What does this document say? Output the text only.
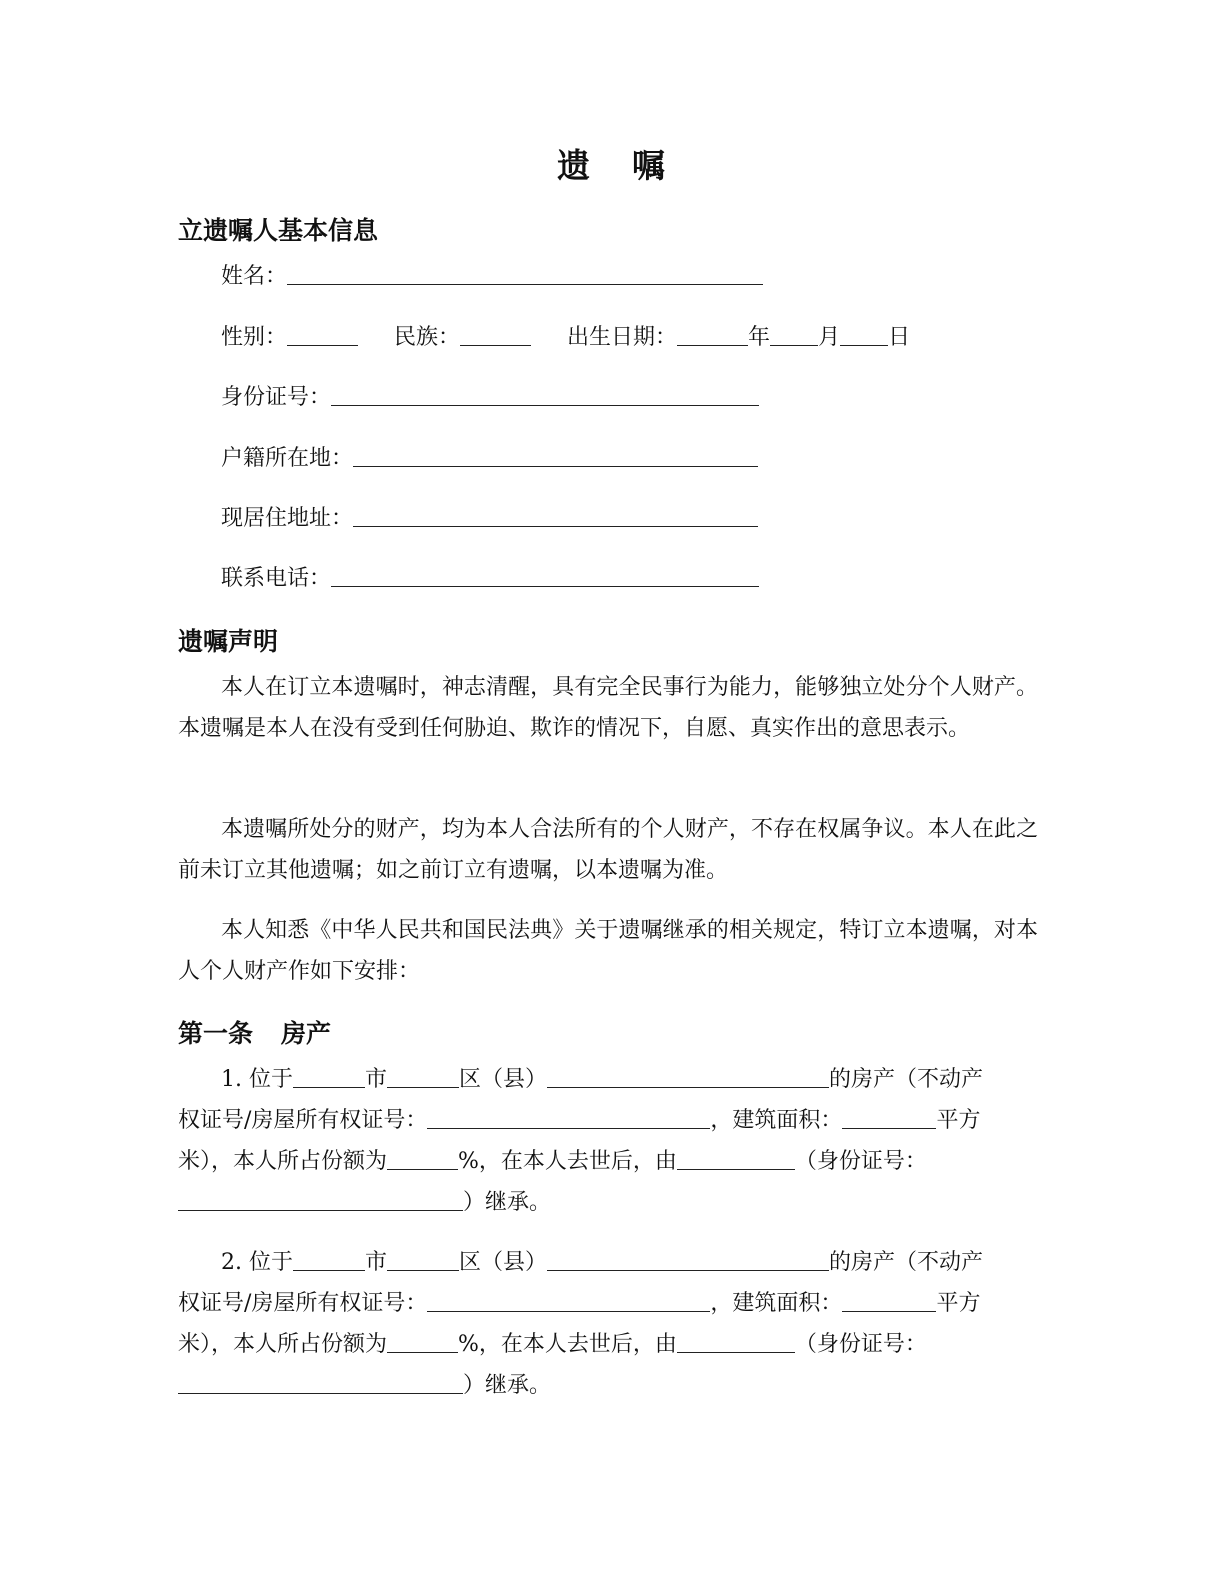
遗 嘱
立遗嘱人基本信息
姓名：
性别：	民族：	出生日期：	年 月 日
身份证号：
户籍所在地：
现居住地址：
联系电话：
遗嘱声明

本人在订立本遗嘱时，神志清醒，具有完全民事行为能力，能够独立处分个人财产。本遗嘱是本人在没有受到任何胁迫、欺诈的情况下，自愿、真实作出的意思表示。

本遗嘱所处分的财产，均为本人合法所有的个人财产，不存在权属争议。本人在此之前未订立其他遗嘱；如之前订立有遗嘱，以本遗嘱为准。

本人知悉《中华人民共和国民法典》关于遗嘱继承的相关规定，特订立本遗嘱，对本人个人财产作如下安排：

第一条 房产
1. 位于	市	区（县）	的房产（不动产
权证号/房屋所有权证号：	，建筑面积：	平方
米），本人所占份额为	%，在本人去世后，由	（身份证号：
）继承。
2. 位于	市	区（县）	的房产（不动产
权证号/房屋所有权证号：	，建筑面积：	平方
米），本人所占份额为	%，在本人去世后，由	（身份证号：
）继承。
